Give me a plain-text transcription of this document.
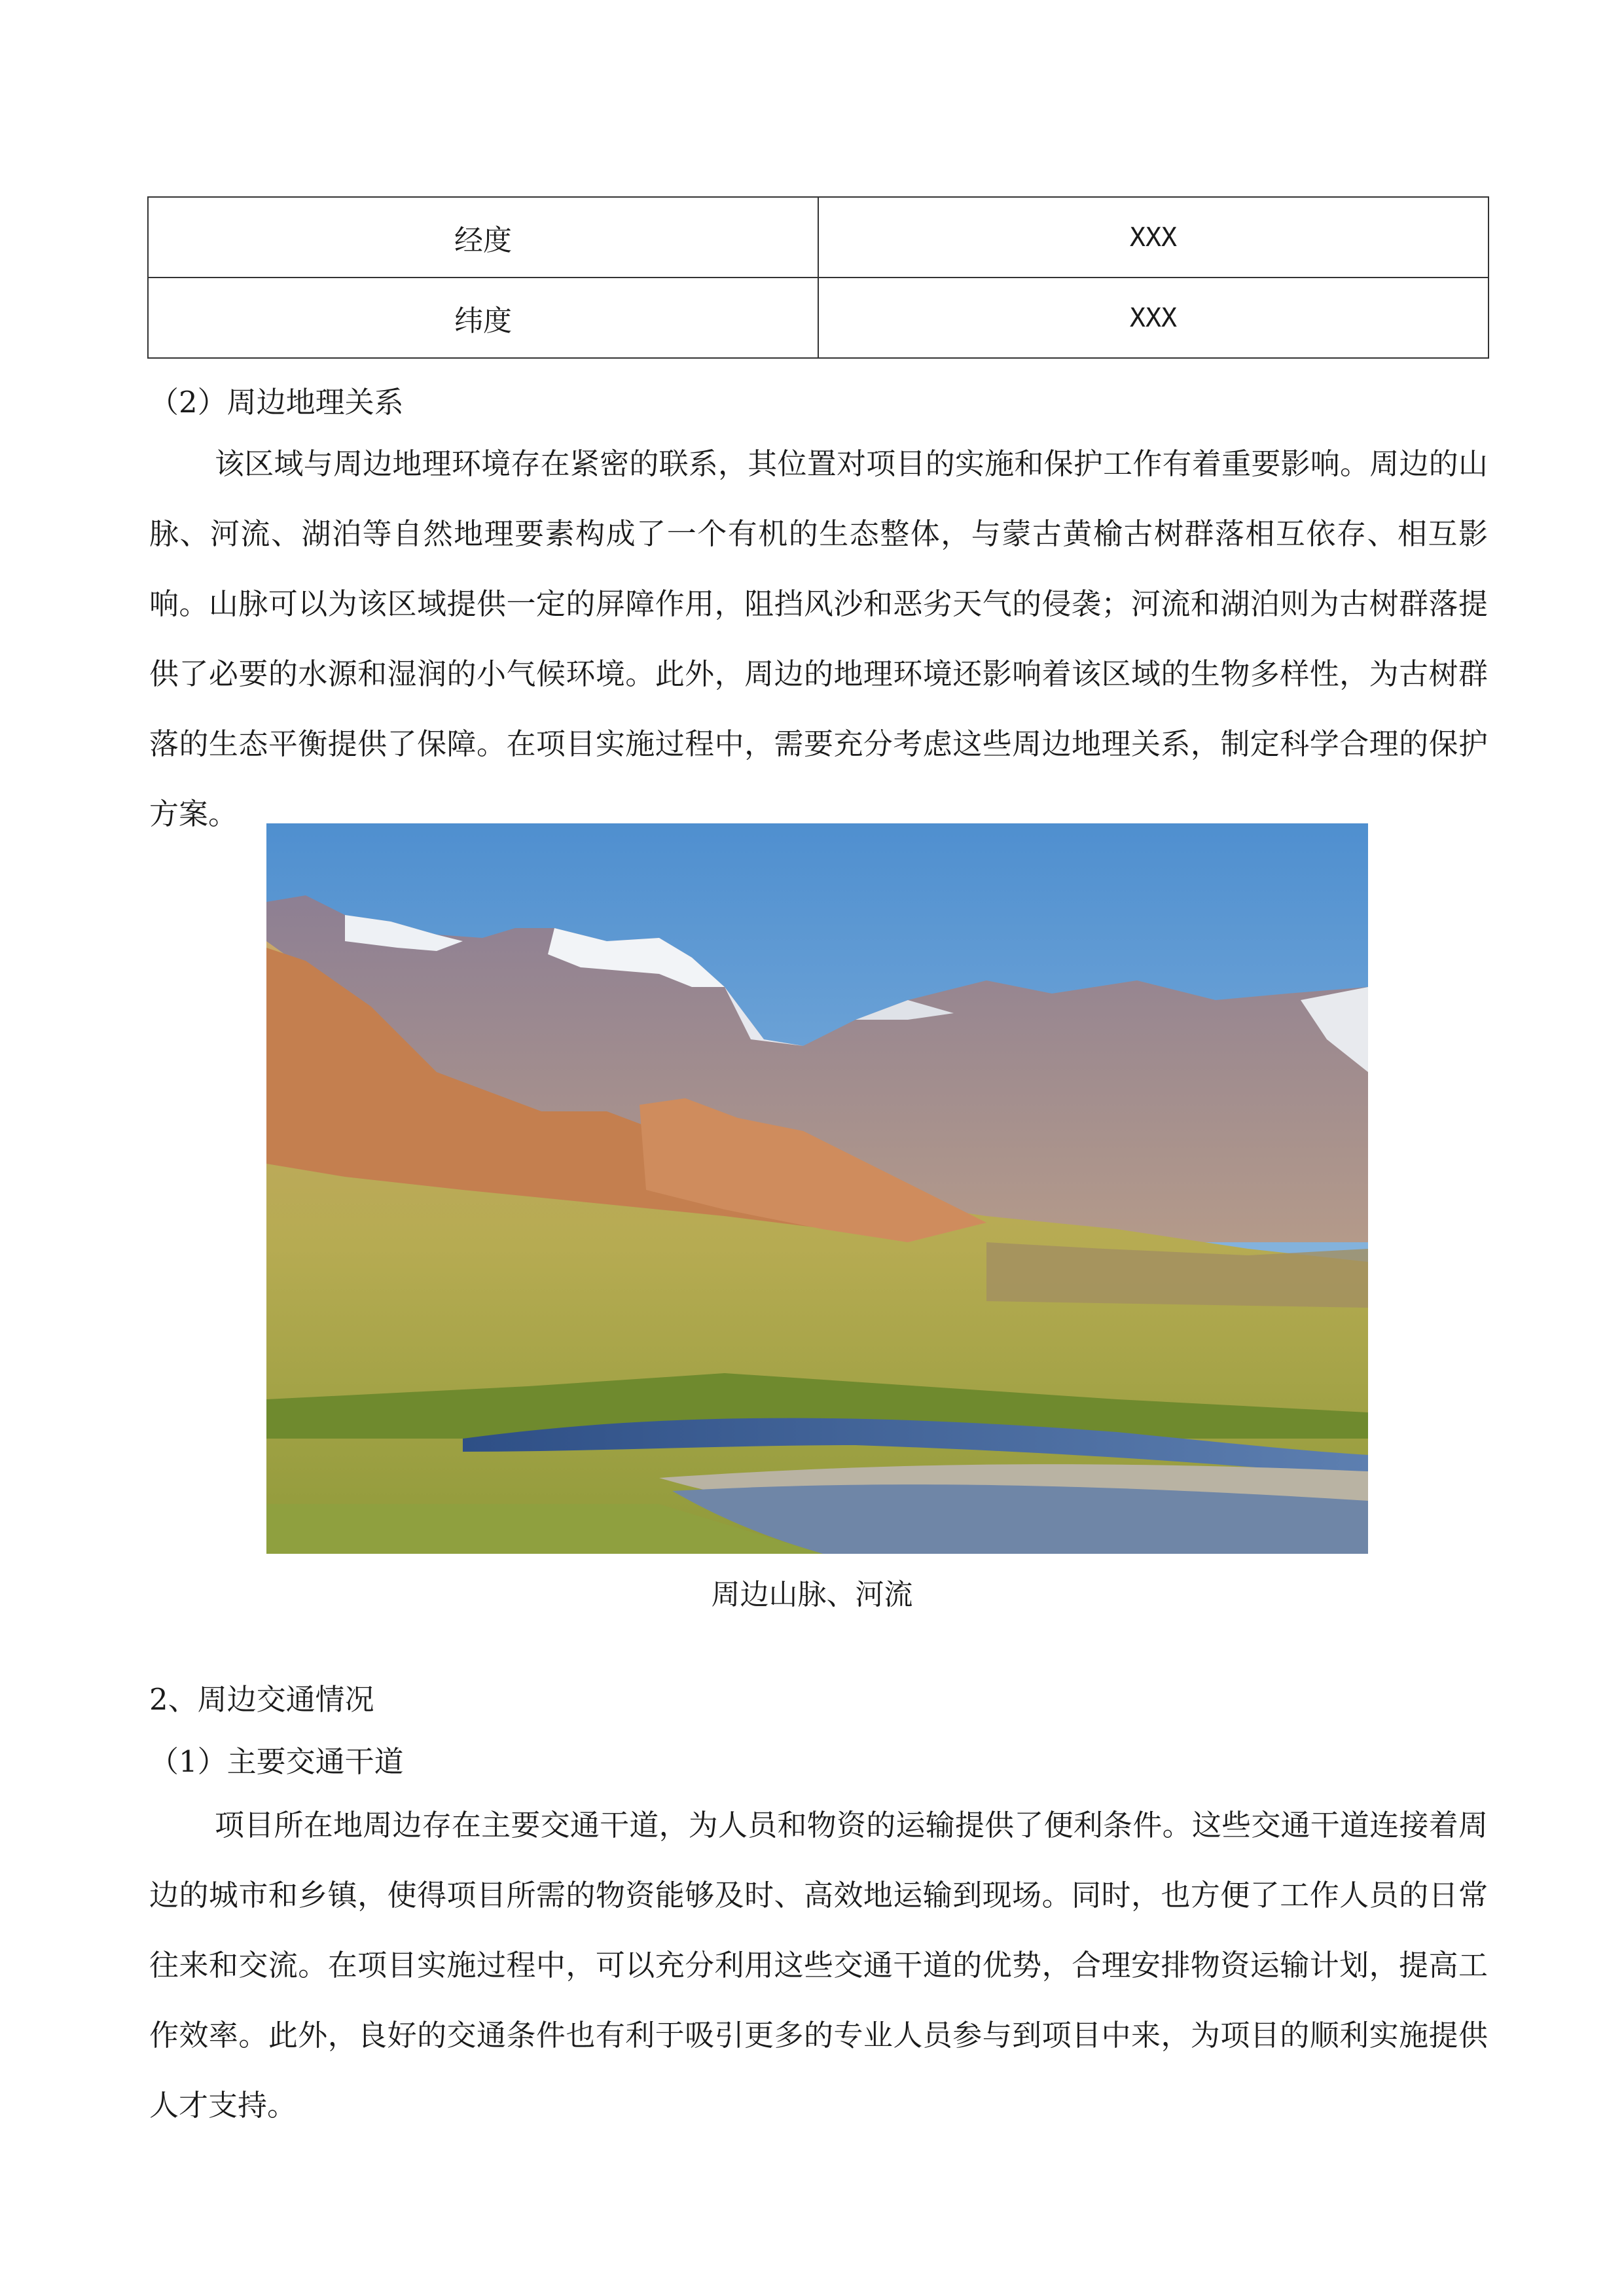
经度	XXX
纬度	XXX
（2）周边地理关系

该区域与周边地理环境存在紧密的联系，其位置对项目的实施和保护工作有着重要影响。周边的山脉、河流、湖泊等自然地理要素构成了一个有机的生态整体，与蒙古黄榆古树群落相互依存、相互影响。山脉可以为该区域提供一定的屏障作用，阻挡风沙和恶劣天气的侵袭；河流和湖泊则为古树群落提供了必要的水源和湿润的小气候环境。此外，周边的地理环境还影响着该区域的生物多样性，为古树群落的生态平衡提供了保障。在项目实施过程中，需要充分考虑这些周边地理关系，制定科学合理的保护方案。

周边山脉、河流
2、周边交通情况
（1）主要交通干道

项目所在地周边存在主要交通干道，为人员和物资的运输提供了便利条件。这些交通干道连接着周边的城市和乡镇，使得项目所需的物资能够及时、高效地运输到现场。同时，也方便了工作人员的日常往来和交流。在项目实施过程中，可以充分利用这些交通干道的优势，合理安排物资运输计划，提高工作效率。此外，良好的交通条件也有利于吸引更多的专业人员参与到项目中来，为项目的顺利实施提供人才支持。
